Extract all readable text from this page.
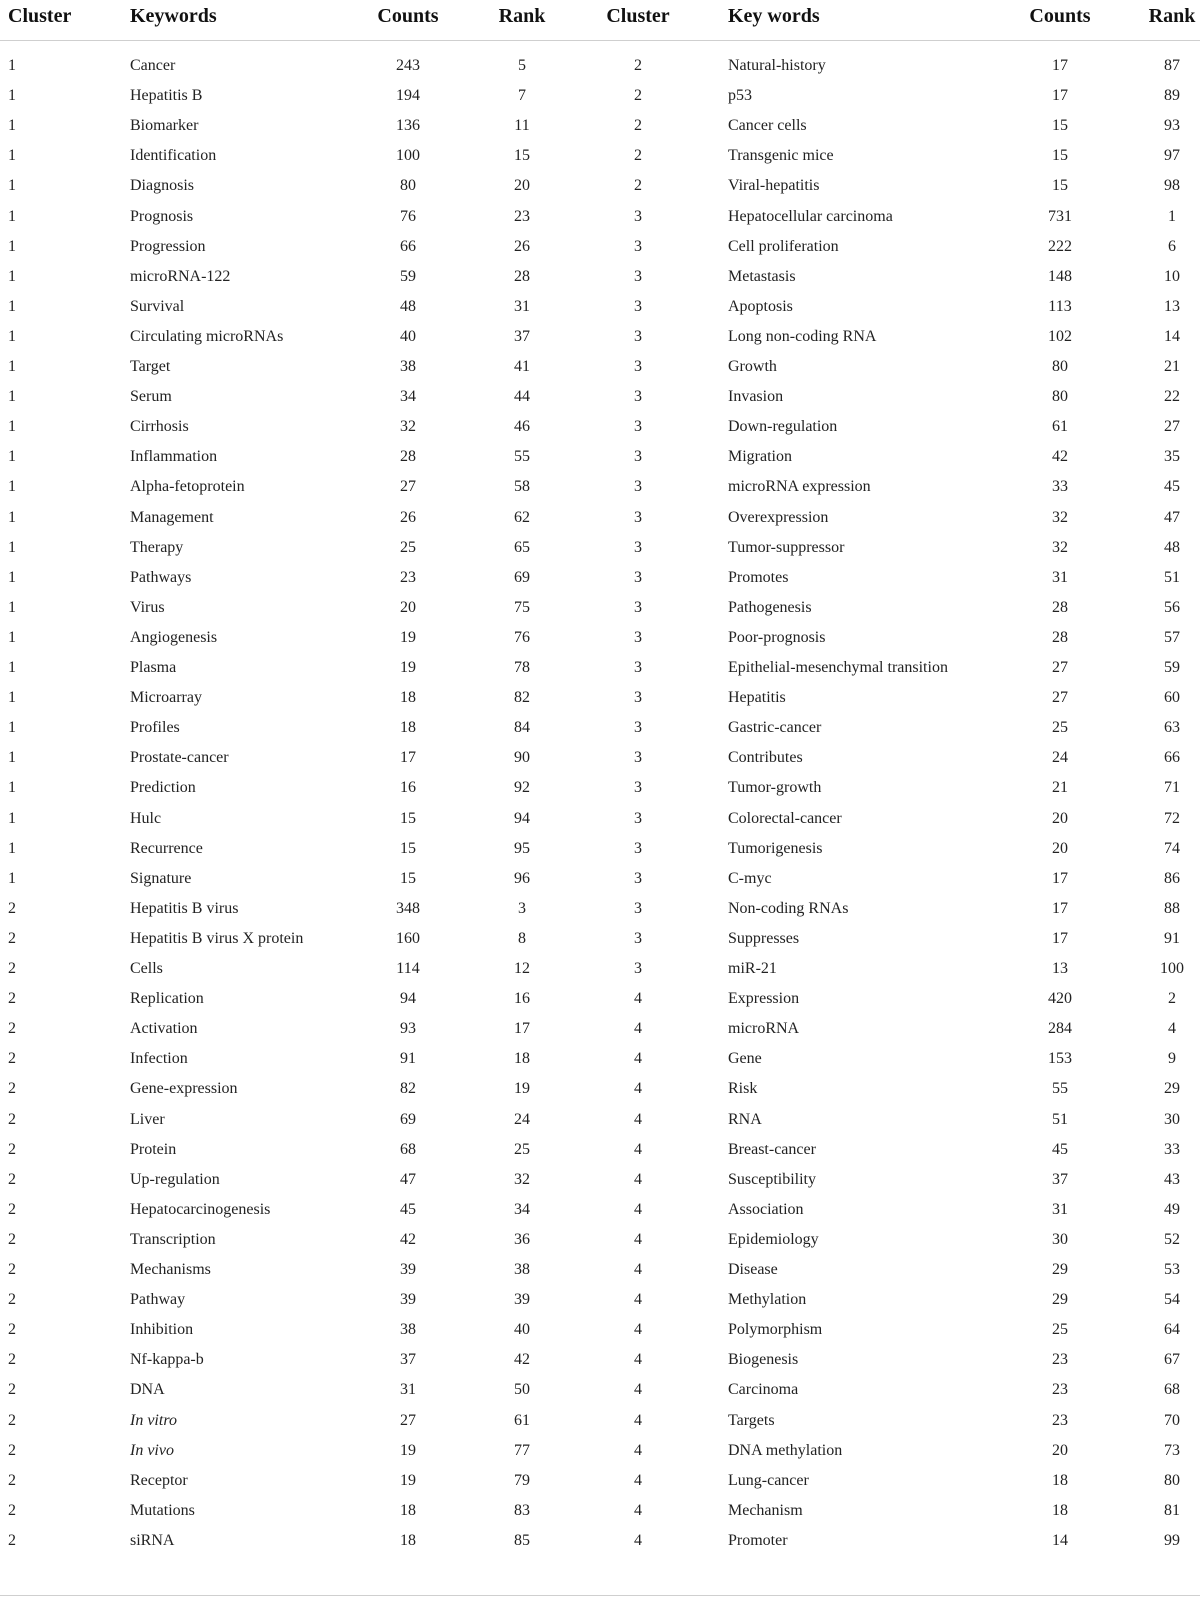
Cluster	Keywords	Counts	Rank	Cluster	Key words	Counts	Rank
1	Cancer	243	5	2	Natural-history	17	87
1	Hepatitis B	194	7	2	p53	17	89
1	Biomarker	136	11	2	Cancer cells	15	93
1	Identification	100	15	2	Transgenic mice	15	97
1	Diagnosis	80	20	2	Viral-hepatitis	15	98
1	Prognosis	76	23	3	Hepatocellular carcinoma	731	1
1	Progression	66	26	3	Cell proliferation	222	6
1	microRNA-122	59	28	3	Metastasis	148	10
1	Survival	48	31	3	Apoptosis	113	13
1	Circulating microRNAs	40	37	3	Long non-coding RNA	102	14
1	Target	38	41	3	Growth	80	21
1	Serum	34	44	3	Invasion	80	22
1	Cirrhosis	32	46	3	Down-regulation	61	27
1	Inflammation	28	55	3	Migration	42	35
1	Alpha-fetoprotein	27	58	3	microRNA expression	33	45
1	Management	26	62	3	Overexpression	32	47
1	Therapy	25	65	3	Tumor-suppressor	32	48
1	Pathways	23	69	3	Promotes	31	51
1	Virus	20	75	3	Pathogenesis	28	56
1	Angiogenesis	19	76	3	Poor-prognosis	28	57
1	Plasma	19	78	3	Epithelial-mesenchymal transition	27	59
1	Microarray	18	82	3	Hepatitis	27	60
1	Profiles	18	84	3	Gastric-cancer	25	63
1	Prostate-cancer	17	90	3	Contributes	24	66
1	Prediction	16	92	3	Tumor-growth	21	71
1	Hulc	15	94	3	Colorectal-cancer	20	72
1	Recurrence	15	95	3	Tumorigenesis	20	74
1	Signature	15	96	3	C-myc	17	86
2	Hepatitis B virus	348	3	3	Non-coding RNAs	17	88
2	Hepatitis B virus X protein	160	8	3	Suppresses	17	91
2	Cells	114	12	3	miR-21	13	100
2	Replication	94	16	4	Expression	420	2
2	Activation	93	17	4	microRNA	284	4
2	Infection	91	18	4	Gene	153	9
2	Gene-expression	82	19	4	Risk	55	29
2	Liver	69	24	4	RNA	51	30
2	Protein	68	25	4	Breast-cancer	45	33
2	Up-regulation	47	32	4	Susceptibility	37	43
2	Hepatocarcinogenesis	45	34	4	Association	31	49
2	Transcription	42	36	4	Epidemiology	30	52
2	Mechanisms	39	38	4	Disease	29	53
2	Pathway	39	39	4	Methylation	29	54
2	Inhibition	38	40	4	Polymorphism	25	64
2	Nf-kappa-b	37	42	4	Biogenesis	23	67
2	DNA	31	50	4	Carcinoma	23	68
2	In vitro	27	61	4	Targets	23	70
2	In vivo	19	77	4	DNA methylation	20	73
2	Receptor	19	79	4	Lung-cancer	18	80
2	Mutations	18	83	4	Mechanism	18	81
2	siRNA	18	85	4	Promoter	14	99
